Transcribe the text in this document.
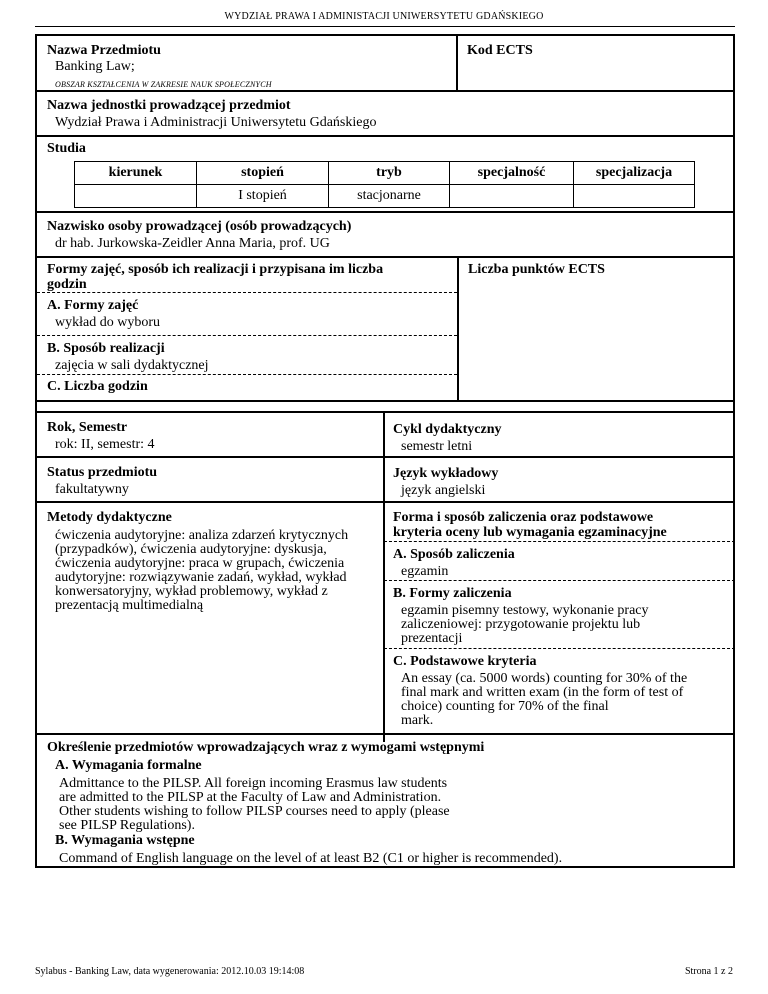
WYDZIAŁ PRAWA I ADMINISTACJI UNIWERSYTETU GDAŃSKIEGO
Nazwa Przedmiotu
Banking Law;
OBSZAR KSZTAŁCENIA W ZAKRESIE NAUK SPOŁECZNYCH
Kod ECTS
Nazwa jednostki prowadzącej przedmiot
Wydział Prawa i Administracji Uniwersytetu Gdańskiego
Studia
kierunek	stopień	tryb	specjalność	specjalizacja
	I stopień	stacjonarne		
Nazwisko osoby prowadzącej (osób prowadzących)
dr hab. Jurkowska-Zeidler Anna Maria, prof. UG
Formy zajęć, sposób ich realizacji i przypisana im liczba
godzin
Liczba punktów ECTS
A. Formy zajęć
wykład do wyboru
B. Sposób realizacji
zajęcia w sali dydaktycznej
C. Liczba godzin
Rok, Semestr
rok: II, semestr: 4
Cykl dydaktyczny
semestr letni
Status przedmiotu
fakultatywny
Język wykładowy
język angielski
Metody dydaktyczne
ćwiczenia audytoryjne: analiza zdarzeń krytycznych
(przypadków), ćwiczenia audytoryjne: dyskusja,
ćwiczenia audytoryjne: praca w grupach, ćwiczenia
audytoryjne: rozwiązywanie zadań, wykład, wykład
konwersatoryjny, wykład problemowy, wykład z
prezentacją multimedialną
Forma i sposób zaliczenia oraz podstawowe
kryteria oceny lub wymagania egzaminacyjne
A. Sposób zaliczenia
egzamin
B. Formy zaliczenia
egzamin pisemny testowy, wykonanie pracy
zaliczeniowej: przygotowanie projektu lub
prezentacji
C. Podstawowe kryteria
An essay (ca. 5000 words) counting for 30% of the
final mark and written exam (in the form of test of
choice) counting for 70% of the final
mark.
Określenie przedmiotów wprowadzających wraz z wymogami wstępnymi
A. Wymagania formalne
Admittance to the PILSP. All foreign incoming Erasmus law students
are admitted to the PILSP at the Faculty of Law and Administration.
Other students wishing to follow PILSP courses need to apply (please
see PILSP Regulations).
B. Wymagania wstępne
Command of English language on the level of at least B2 (C1 or higher is recommended).
Sylabus - Banking Law, data wygenerowania: 2012.10.03 19:14:08	Strona 1 z 2
